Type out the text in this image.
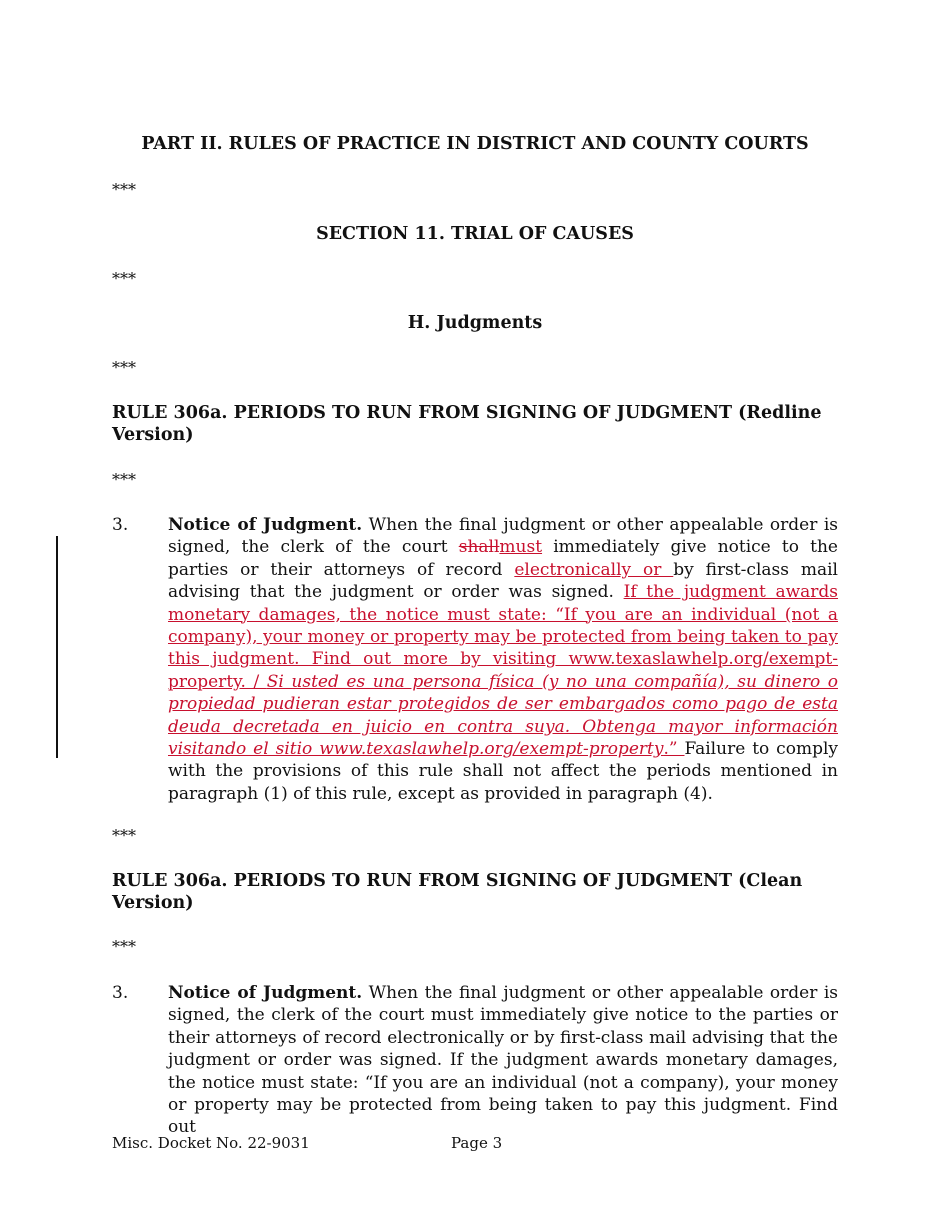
PART II. RULES OF PRACTICE IN DISTRICT AND COUNTY COURTS
***
SECTION 11. TRIAL OF CAUSES
***
H. Judgments
***
RULE 306a. PERIODS TO RUN FROM SIGNING OF JUDGMENT (Redline Version)
***
3. Notice of Judgment. When the final judgment or other appealable order is signed, the clerk of the court shallmust immediately give notice to the parties or their attorneys of record electronically or by first-class mail advising that the judgment or order was signed. If the judgment awards monetary damages, the notice must state: “If you are an individual (not a company), your money or property may be protected from being taken to pay this judgment. Find out more by visiting www.texaslawhelp.org/exempt-property. / Si usted es una persona física (y no una compañía), su dinero o propiedad pudieran estar protegidos de ser embargados como pago de esta deuda decretada en juicio en contra suya. Obtenga mayor información visitando el sitio www.texaslawhelp.org/exempt-property.” Failure to comply with the provisions of this rule shall not affect the periods mentioned in paragraph (1) of this rule, except as provided in paragraph (4).
***
RULE 306a. PERIODS TO RUN FROM SIGNING OF JUDGMENT (Clean Version)
***
3. Notice of Judgment. When the final judgment or other appealable order is signed, the clerk of the court must immediately give notice to the parties or their attorneys of record electronically or by first-class mail advising that the judgment or order was signed. If the judgment awards monetary damages, the notice must state: “If you are an individual (not a company), your money or property may be protected from being taken to pay this judgment. Find out
Misc. Docket No. 22-9031	Page 3
